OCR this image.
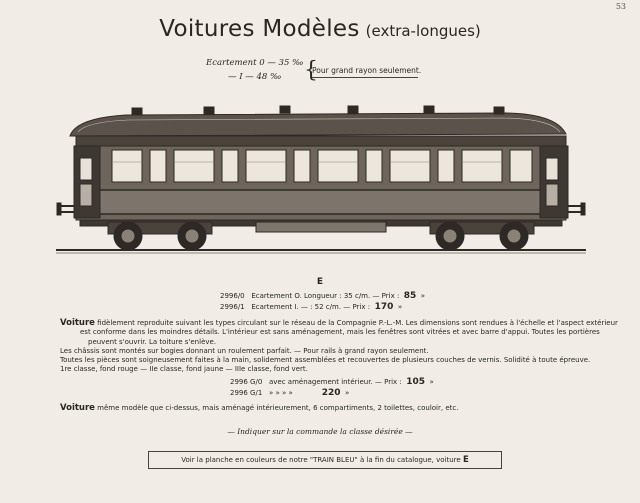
53
Voitures Modèles (extra-longues)
Ecartement 0 — 35 ‰
— I — 48 ‰ {
Pour grand rayon seulement.
E
2996/0 Ecartement O. Longueur : 35 c/m. — Prix : 85 »
2996/1 Ecartement I. — : 52 c/m. — Prix : 170 »
Voiture fidèlement reproduite suivant les types circulant sur le réseau de la Compagnie P.-L.-M. Les dimensions sont rendues à l'échelle et l'aspect extérieur
est conforme dans les moindres détails. L'intérieur est sans aménagement, mais les fenêtres sont vitrées et avec barre d'appui. Toutes les portières
peuvent s'ouvrir. La toiture s'enlève.
Les châssis sont montés sur bogies donnant un roulement parfait. — Pour rails à grand rayon seulement.
Toutes les pièces sont soigneusement faites à la main, solidement assemblées et recouvertes de plusieurs couches de vernis. Solidité à toute épreuve.
1re classe, fond rouge — IIe classe, fond jaune — IIIe classe, fond vert.
2996 G/0 avec aménagement intérieur. — Prix : 105 »
2996 G/1 » » » »	220 »
Voiture même modèle que ci-dessus, mais aménagé intérieurement, 6 compartiments, 2 toilettes, couloir, etc.
— Indiquer sur la commande la classe désirée —
Voir la planche en couleurs de notre "TRAIN BLEU" à la fin du catalogue, voiture E
